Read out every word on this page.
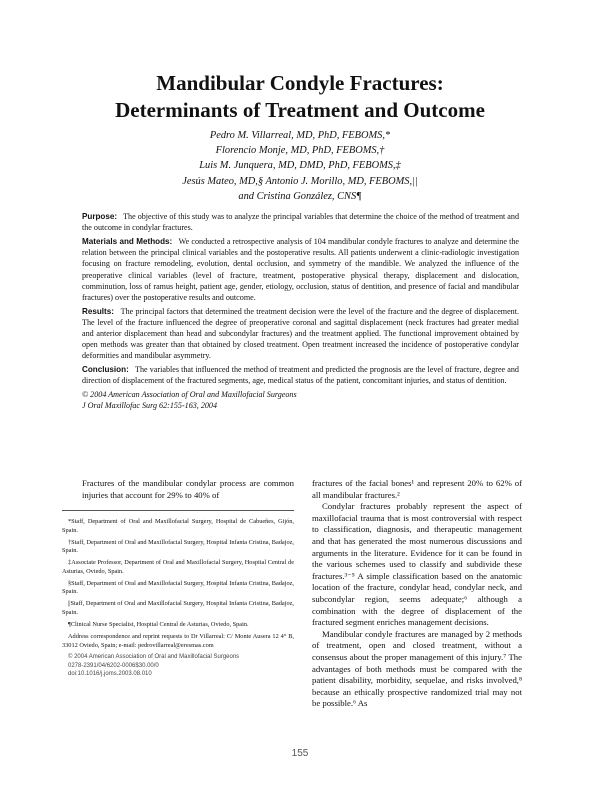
Mandibular Condyle Fractures:
Determinants of Treatment and Outcome
Pedro M. Villarreal, MD, PhD, FEBOMS,*
Florencio Monje, MD, PhD, FEBOMS,†
Luis M. Junquera, MD, DMD, PhD, FEBOMS,‡
Jesús Mateo, MD,§ Antonio J. Morillo, MD, FEBOMS,||
and Cristina González, CNS¶

Purpose: The objective of this study was to analyze the principal variables that determine the choice of the method of treatment and the outcome in condylar fractures.

Materials and Methods: We conducted a retrospective analysis of 104 mandibular condyle fractures to analyze and determine the relation between the principal clinical variables and the postoperative results. All patients underwent a clinic-radiologic investigation focusing on fracture remodeling, evolution, dental occlusion, and symmetry of the mandible. We analyzed the influence of the preoperative clinical variables (level of fracture, treatment, postoperative physical therapy, displacement and dislocation, comminution, loss of ramus height, patient age, gender, etiology, occlusion, status of dentition, and presence of facial and mandibular fractures) over the postoperative results and outcome.

Results: The principal factors that determined the treatment decision were the level of the fracture and the degree of displacement. The level of the fracture influenced the degree of preoperative coronal and sagittal displacement (neck fractures had greater medial and anterior displacement than head and subcondylar fractures) and the treatment applied. The functional improvement obtained by open methods was greater than that obtained by closed treatment. Open treatment increased the incidence of postoperative condylar deformities and mandibular asymmetry.

Conclusion: The variables that influenced the method of treatment and predicted the prognosis are the level of fracture, degree and direction of displacement of the fractured segments, age, medical status of the patient, concomitant injuries, and status of dentition.

© 2004 American Association of Oral and Maxillofacial Surgeons

J Oral Maxillofac Surg 62:155-163, 2004

Fractures of the mandibular condylar process are common injuries that account for 29% to 40% of

*Staff, Department of Oral and Maxillofacial Surgery, Hospital de Cabueñes, Gijón, Spain.

†Staff, Department of Oral and Maxillofacial Surgery, Hospital Infanta Cristina, Badajoz, Spain.

‡Associate Professor, Department of Oral and Maxillofacial Surgery, Hospital Central de Asturias, Oviedo, Spain.

§Staff, Department of Oral and Maxillofacial Surgery, Hospital Infanta Cristina, Badajoz, Spain.

||Staff, Department of Oral and Maxillofacial Surgery, Hospital Infanta Cristina, Badajoz, Spain.

¶Clinical Nurse Specialist, Hospital Central de Asturias, Oviedo, Spain.

Address correspondence and reprint requests to Dr Villarreal: C/ Monte Ausera 12 4° B, 33012 Oviedo, Spain; e-mail: pedrovillarreal@eresmas.com

© 2004 American Association of Oral and Maxillofacial Surgeons

0278-2391/04/6202-0006$30.00/0

doi:10.1016/j.joms.2003.08.010

fractures of the facial bones¹ and represent 20% to 62% of all mandibular fractures.²

Condylar fractures probably represent the aspect of maxillofacial trauma that is most controversial with respect to classification, diagnosis, and therapeutic management and that has generated the most numerous discussions and arguments in the literature. Evidence for it can be found in the various schemes used to classify and subdivide these fractures.³⁻⁵ A simple classification based on the anatomic location of the fracture, condylar head, condylar neck, and subcondylar region, seems adequate;⁶ although a combination with the degree of displacement of the fractured segment enriches management decisions.

Mandibular condyle fractures are managed by 2 methods of treatment, open and closed treatment, without a consensus about the proper management of this injury.⁷ The advantages of both methods must be compared with the patient disability, morbidity, sequelae, and risks involved,⁸ because an ethically prospective randomized trial may not be possible.⁶ As

155
